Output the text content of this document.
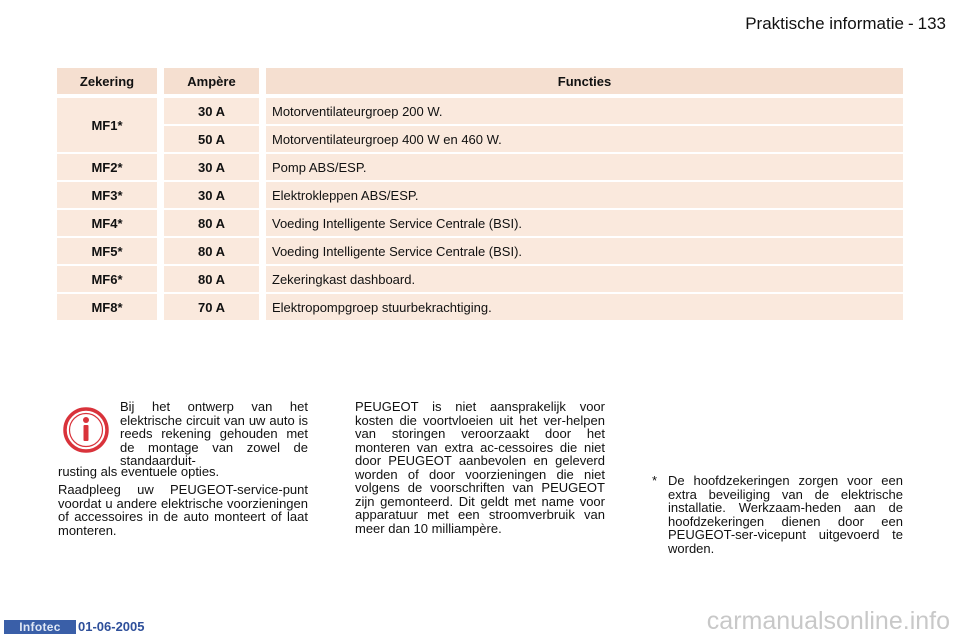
Praktische informatie - 133
Zekering	Ampère	Functies

MF1*	30 A	Motorventilateurgroep 200 W.
	50 A	Motorventilateurgroep 400 W en 460 W.
MF2*	30 A	Pomp ABS/ESP.
MF3*	30 A	Elektrokleppen ABS/ESP.
MF4*	80 A	Voeding Intelligente Service Centrale (BSI).
MF5*	80 A	Voeding Intelligente Service Centrale (BSI).
MF6*	80 A	Zekeringkast dashboard.
MF8*	70 A	Elektropompgroep stuurbekrachtiging.
Bij het ontwerp van het elektrische circuit van uw auto is reeds rekening gehouden met de montage van zowel de standaarduit-
rusting als eventuele opties.
Raadpleeg uw PEUGEOT-service-punt voordat u andere elektrische voorzieningen of accessoires in de auto monteert of laat monteren.
PEUGEOT is niet aansprakelijk voor kosten die voortvloeien uit het ver-helpen van storingen veroorzaakt door het monteren van extra ac-cessoires die niet door PEUGEOT aanbevolen en geleverd worden of door voorzieningen die niet volgens de voorschriften van PEUGEOT zijn gemonteerd. Dit geldt met name voor apparatuur met een stroomverbruik van meer dan 10 milliampère.
* De hoofdzekeringen zorgen voor een extra beveiliging van de elektrische installatie. Werkzaam-heden aan de hoofdzekeringen dienen door een PEUGEOT-ser-vicepunt uitgevoerd te worden.
Infotec	01-06-2005	carmanualsonline.info
